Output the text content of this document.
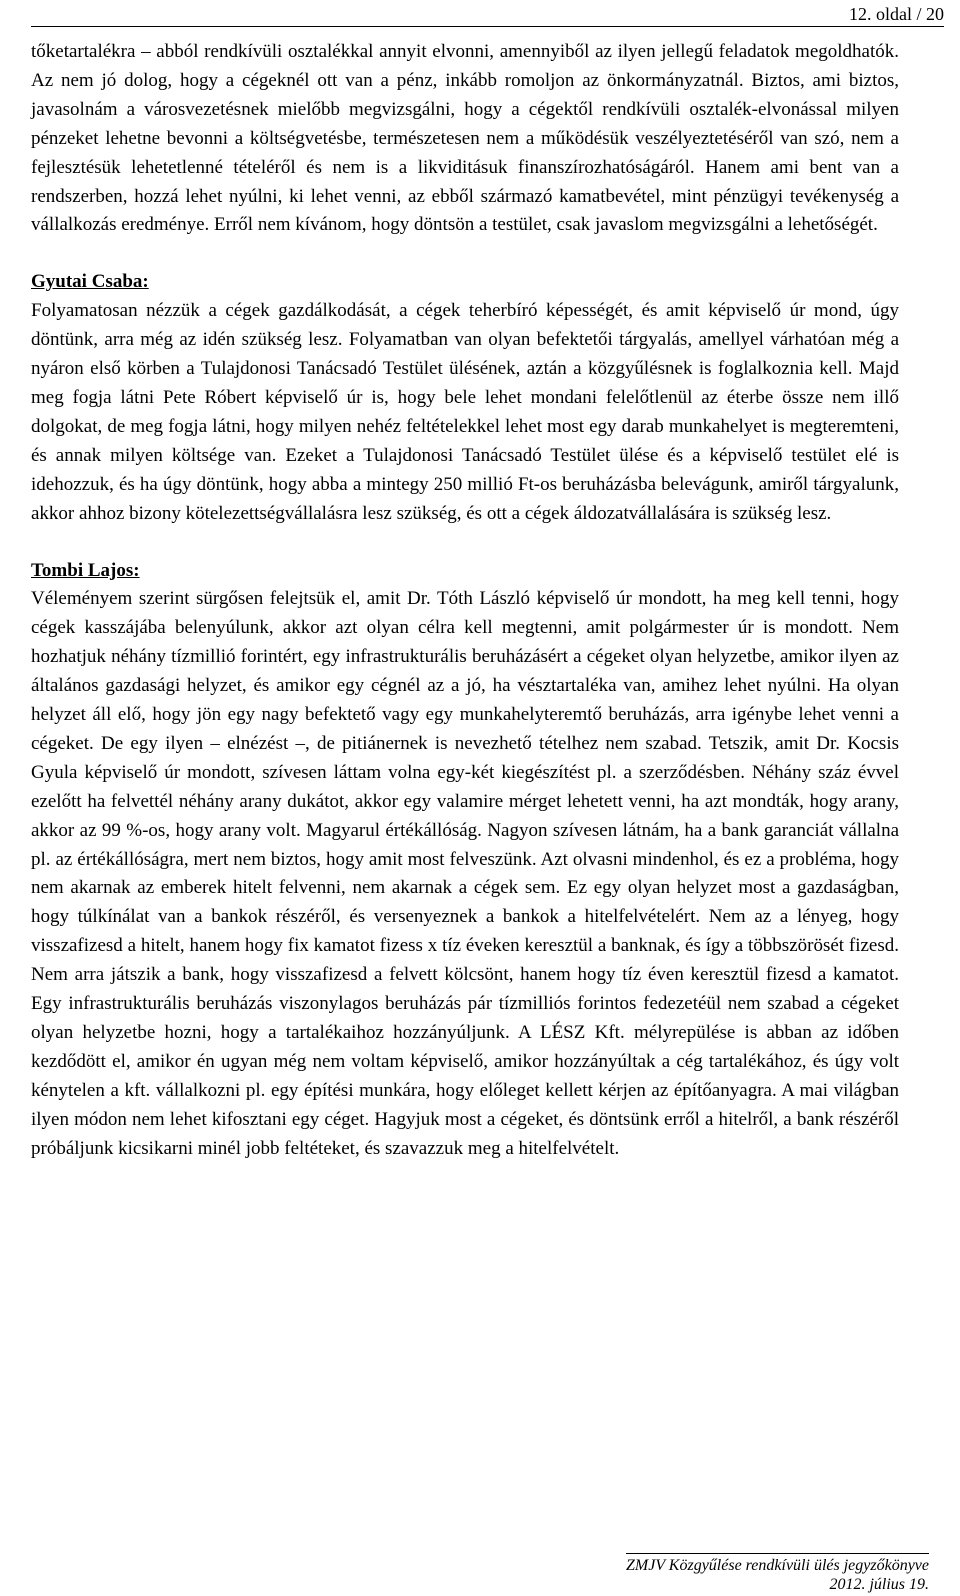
12. oldal / 20

tőketartalékra – abból rendkívüli osztalékkal annyit elvonni, amennyiből az ilyen jellegű feladatok megoldhatók. Az nem jó dolog, hogy a cégeknél ott van a pénz, inkább romoljon az önkormányzatnál. Biztos, ami biztos, javasolnám a városvezetésnek mielőbb megvizsgálni, hogy a cégektől rendkívüli osztalék-elvonással milyen pénzeket lehetne bevonni a költségvetésbe, természetesen nem a működésük veszélyeztetéséről van szó, nem a fejlesztésük lehetetlenné tételéről és nem is a likviditásuk finanszírozhatóságáról. Hanem ami bent van a rendszerben, hozzá lehet nyúlni, ki lehet venni, az ebből származó kamatbevétel, mint pénzügyi tevékenység a vállalkozás eredménye. Erről nem kívánom, hogy döntsön a testület, csak javaslom megvizsgálni a lehetőségét.

Gyutai Csaba:

Folyamatosan nézzük a cégek gazdálkodását, a cégek teherbíró képességét, és amit képviselő úr mond, úgy döntünk, arra még az idén szükség lesz. Folyamatban van olyan befektetői tárgyalás, amellyel várhatóan még a nyáron első körben a Tulajdonosi Tanácsadó Testület ülésének, aztán a közgyűlésnek is foglalkoznia kell. Majd meg fogja látni Pete Róbert képviselő úr is, hogy bele lehet mondani felelőtlenül az éterbe össze nem illő dolgokat, de meg fogja látni, hogy milyen nehéz feltételekkel lehet most egy darab munkahelyet is megteremteni, és annak milyen költsége van. Ezeket a Tulajdonosi Tanácsadó Testület ülése és a képviselő testület elé is idehozzuk, és ha úgy döntünk, hogy abba a mintegy 250 millió Ft-os beruházásba belevágunk, amiről tárgyalunk, akkor ahhoz bizony kötelezettségvállalásra lesz szükség, és ott a cégek áldozatvállalására is szükség lesz.

Tombi Lajos:

Véleményem szerint sürgősen felejtsük el, amit Dr. Tóth László képviselő úr mondott, ha meg kell tenni, hogy cégek kasszájába belenyúlunk, akkor azt olyan célra kell megtenni, amit polgármester úr is mondott. Nem hozhatjuk néhány tízmillió forintért, egy infrastrukturális beruházásért a cégeket olyan helyzetbe, amikor ilyen az általános gazdasági helyzet, és amikor egy cégnél az a jó, ha vésztartaléka van, amihez lehet nyúlni. Ha olyan helyzet áll elő, hogy jön egy nagy befektető vagy egy munkahelyteremtő beruházás, arra igénybe lehet venni a cégeket. De egy ilyen – elnézést –, de pitiánernek is nevezhető tételhez nem szabad. Tetszik, amit Dr. Kocsis Gyula képviselő úr mondott, szívesen láttam volna egy-két kiegészítést pl. a szerződésben. Néhány száz évvel ezelőtt ha felvettél néhány arany dukátot, akkor egy valamire mérget lehetett venni, ha azt mondták, hogy arany, akkor az 99 %-os, hogy arany volt. Magyarul értékállóság. Nagyon szívesen látnám, ha a bank garanciát vállalna pl. az értékállóságra, mert nem biztos, hogy amit most felveszünk. Azt olvasni mindenhol, és ez a probléma, hogy nem akarnak az emberek hitelt felvenni, nem akarnak a cégek sem. Ez egy olyan helyzet most a gazdaságban, hogy túlkínálat van a bankok részéről, és versenyeznek a bankok a hitelfelvételért. Nem az a lényeg, hogy visszafizesd a hitelt, hanem hogy fix kamatot fizess x tíz éveken keresztül a banknak, és így a többszörösét fizesd. Nem arra játszik a bank, hogy visszafizesd a felvett kölcsönt, hanem hogy tíz éven keresztül fizesd a kamatot. Egy infrastrukturális beruházás viszonylagos beruházás pár tízmilliós forintos fedezetéül nem szabad a cégeket olyan helyzetbe hozni, hogy a tartalékaihoz hozzányúljunk. A LÉSZ Kft. mélyrepülése is abban az időben kezdődött el, amikor én ugyan még nem voltam képviselő, amikor hozzányúltak a cég tartalékához, és úgy volt kénytelen a kft. vállalkozni pl. egy építési munkára, hogy előleget kellett kérjen az építőanyagra. A mai világban ilyen módon nem lehet kifosztani egy céget. Hagyjuk most a cégeket, és döntsünk erről a hitelről, a bank részéről próbáljunk kicsikarni minél jobb feltéteket, és szavazzuk meg a hitelfelvételt.

ZMJV Közgyűlése rendkívüli ülés jegyzőkönyve
2012. július 19.
